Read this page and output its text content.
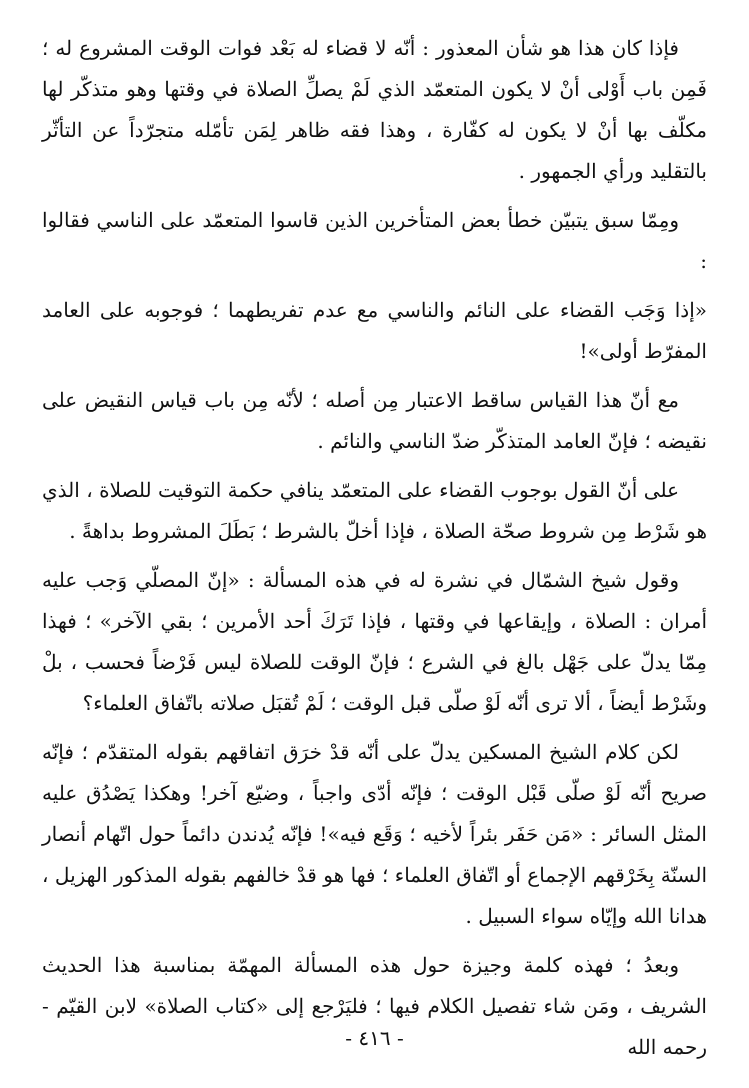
فإذا كان هذا هو شأن المعذور : أنّه لا قضاء له بَعْد فوات الوقت المشروع له ؛ فَمِن باب أَوْلى أنْ لا يكون المتعمّد الذي لَمْ يصلِّ الصلاة في وقتها وهو متذكّر لها مكلّف بها أنْ لا يكون له كفّارة ، وهذا فقه ظاهر لِمَن تأمّله متجرّداً عن التأثّر بالتقليد ورأي الجمهور .

ومِمّا سبق يتبيّن خطأ بعض المتأخرين الذين قاسوا المتعمّد على الناسي فقالوا :

«إذا وَجَب القضاء على النائم والناسي مع عدم تفريطهما ؛ فوجوبه على العامد المفرّط أولى»!

مع أنّ هذا القياس ساقط الاعتبار مِن أصله ؛ لأنّه مِن باب قياس النقيض على نقيضه ؛ فإنّ العامد المتذكّر ضدّ الناسي والنائم .

على أنّ القول بوجوب القضاء على المتعمّد ينافي حكمة التوقيت للصلاة ، الذي هو شَرْط مِن شروط صحّة الصلاة ، فإذا أخلّ بالشرط ؛ بَطَلَ المشروط بداهةً .

وقول شيخ الشمّال في نشرة له في هذه المسألة : «إنّ المصلّي وَجب عليه أمران : الصلاة ، وإيقاعها في وقتها ، فإذا تَرَكَ أحد الأمرين ؛ بقي الآخر» ؛ فهذا مِمّا يدلّ على جَهْل بالغ في الشرع ؛ فإنّ الوقت للصلاة ليس فَرْضاً فحسب ، بلْ وشَرْط أيضاً ، ألا ترى أنّه لَوْ صلّى قبل الوقت ؛ لَمْ تُقبَل صلاته باتّفاق العلماء؟

لكن كلام الشيخ المسكين يدلّ على أنّه قدْ خرَق اتفاقهم بقوله المتقدّم ؛ فإنّه صريح أنّه لَوْ صلّى قَبْل الوقت ؛ فإنّه أدّى واجباً ، وضيّع آخر! وهكذا يَصْدُق عليه المثل السائر : «مَن حَفَر بئراً لأخيه ؛ وَقَع فيه»! فإنّه يُدندن دائماً حول اتّهام أنصار السنّة بِخَرْقهم الإجماع أو اتّفاق العلماء ؛ فها هو قدْ خالفهم بقوله المذكور الهزيل ، هدانا الله وإيّاه سواء السبيل .

وبعدُ ؛ فهذه كلمة وجيزة حول هذه المسألة المهمّة بمناسبة هذا الحديث الشريف ، ومَن شاء تفصيل الكلام فيها ؛ فليَرْجع إلى «كتاب الصلاة» لابن القيّم - رحمه الله

- ٤١٦ -
